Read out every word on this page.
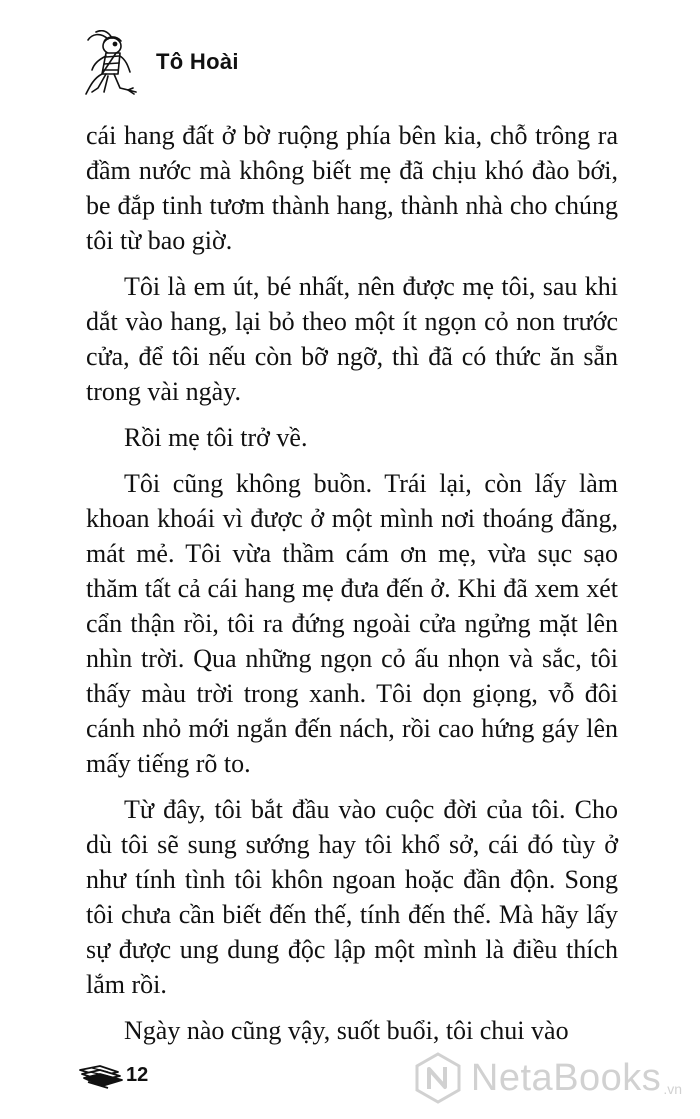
Tô Hoài

cái hang đất ở bờ ruộng phía bên kia, chỗ trông ra đầm nước mà không biết mẹ đã chịu khó đào bới, be đắp tinh tươm thành hang, thành nhà cho chúng tôi từ bao giờ.

Tôi là em út, bé nhất, nên được mẹ tôi, sau khi dắt vào hang, lại bỏ theo một ít ngọn cỏ non trước cửa, để tôi nếu còn bỡ ngỡ, thì đã có thức ăn sẵn trong vài ngày.

Rồi mẹ tôi trở về.

Tôi cũng không buồn. Trái lại, còn lấy làm khoan khoái vì được ở một mình nơi thoáng đãng, mát mẻ. Tôi vừa thầm cám ơn mẹ, vừa sục sạo thăm tất cả cái hang mẹ đưa đến ở. Khi đã xem xét cẩn thận rồi, tôi ra đứng ngoài cửa ngửng mặt lên nhìn trời. Qua những ngọn cỏ ấu nhọn và sắc, tôi thấy màu trời trong xanh. Tôi dọn giọng, vỗ đôi cánh nhỏ mới ngắn đến nách, rồi cao hứng gáy lên mấy tiếng rõ to.

Từ đây, tôi bắt đầu vào cuộc đời của tôi. Cho dù tôi sẽ sung sướng hay tôi khổ sở, cái đó tùy ở như tính tình tôi khôn ngoan hoặc đần độn. Song tôi chưa cần biết đến thế, tính đến thế. Mà hãy lấy sự được ung dung độc lập một mình là điều thích lắm rồi.

Ngày nào cũng vậy, suốt buổi, tôi chui vào

12	NetaBooks .vn
